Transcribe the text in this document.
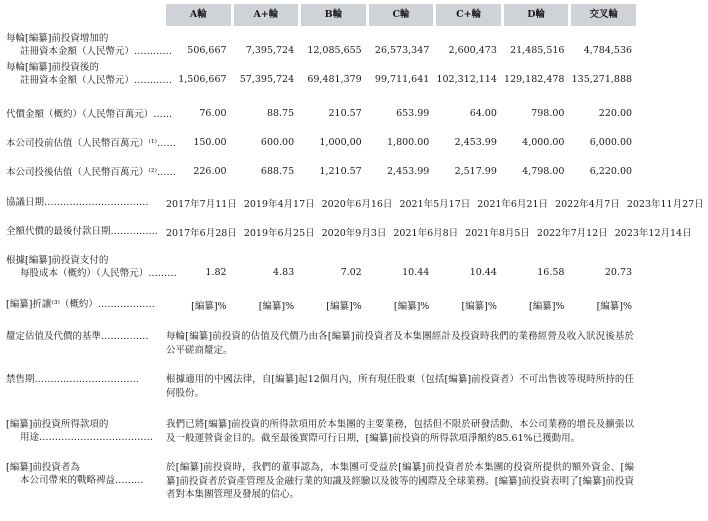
A輪	A+輪	B輪	C輪	C+輪	D輪	交叉輪
每輪[編纂]前投資增加的
註冊資本金額（人民幣元）…………	506,667	7,395,724	12,085,655	26,573,347	2,600,473	21,485,516	4,784,536
每輪[編纂]前投資後的
註冊資本金額（人民幣元）………… 1,506,667	57,395,724	69,481,379	99,711,641 102,312,114 129,182,478 135,271,888
代價金額（概約）（人民幣百萬元）……	76.00	88.75	210.57	653.99	64.00	798.00	220.00
本公司投前估值（人民幣百萬元）⁽¹⁾……	150.00	600.00	1,000,00	1,800.00	2,453.99	4,000.00	6,000.00
本公司投後估值（人民幣百萬元）⁽²⁾……	226.00	688.75	1,210.57	2,453.99	2,517.99	4,798.00	6,220.00
協議日期……………………………	2017年7月11日 2019年4月17日 2020年6月16日 2021年5月17日 2021年6月21日 2022年4月7日 2023年11月27日
全額代價的最後付款日期…………… 2017年6月28日 2019年6月25日 2020年9月3日 2021年6月8日 2021年8月5日 2022年7月12日 2023年12月14日
根據[編纂]前投資支付的
每股成本（概約）（人民幣元）………	1.82	4.83	7.02	10.44	10.44	16.58	20.73
[編纂]折讓⁽³⁾（概約）………………	[編纂]%	[編纂]%	[編纂]%	[編纂]%	[編纂]%	[編纂]%	[編纂]%
釐定估值及代價的基準……………	每輪[編纂]前投資的估值及代價乃由各[編纂]前投資者及本集團經計及投資時我們的業務經營及收入狀況後基於公平磋商釐定。
禁售期……………………………	根據適用的中國法律，自[編纂]起12個月內，所有現任股東（包括[編纂]前投資者）不可出售彼等現時所持的任何股份。
[編纂]前投資所得款項的
用途………………………………
我們已將[編纂]前投資的所得款項用於本集團的主要業務，包括但不限於研發活動、本公司業務的增長及擴張以及一般運營資金目的。截至最後實際可行日期，[編纂]前投資的所得款項淨額約85.61%已獲動用。
[編纂]前投資者為
本公司帶來的戰略裨益………
於[編纂]前投資時，我們的董事認為，本集團可受益於[編纂]前投資者於本集團的投資所提供的額外資金、[編纂]前投資者於資產管理及金融行業的知識及經驗以及彼等的國際及全球業務。[編纂]前投資表明了[編纂]前投資者對本集團管理及發展的信心。
